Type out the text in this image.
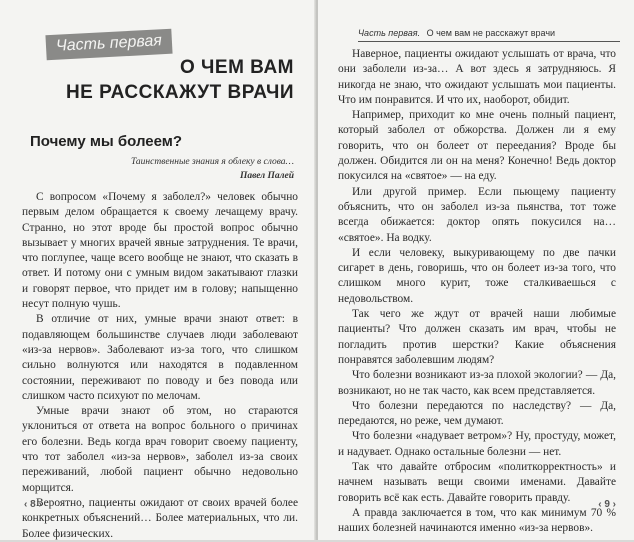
Часть первая
О ЧЕМ ВАМ
НЕ РАССКАЖУТ ВРАЧИ
Почему мы болеем?
Таинственные знания я облеку в слова…
Павел Палей

С вопросом «Почему я заболел?» человек обычно первым делом обращается к своему лечащему врачу. Странно, но этот вроде бы простой вопрос обычно вызывает у многих врачей явные затруднения. Те врачи, что поглупее, чаще всего вообще не знают, что сказать в ответ. И потому они с умным видом закатывают глазки и говорят первое, что придет им в голову; напыщенно несут полную чушь.

В отличие от них, умные врачи знают ответ: в подавляющем большинстве случаев люди заболевают «из-за нервов». Заболевают из-за того, что слишком сильно волнуются или находятся в подавленном состоянии, переживают по поводу и без повода или слишком часто психуют по мелочам.

Умные врачи знают об этом, но стараются уклониться от ответа на вопрос больного о причинах его болезни. Ведь когда врач говорит своему пациенту, что тот заболел «из-за нервов», заболел из-за своих переживаний, любой пациент обычно недовольно морщится.

Вероятно, пациенты ожидают от своих врачей более конкретных объяснений… Более материальных, что ли. Более физических.

‹ 8 ›
Часть первая. О чем вам не расскажут врачи

Наверное, пациенты ожидают услышать от врача, что они заболели из-за… А вот здесь я затрудняюсь. Я никогда не знаю, что ожидают услышать мои пациенты. Что им понравится. И что их, наоборот, обидит.

Например, приходит ко мне очень полный пациент, который заболел от обжорства. Должен ли я ему говорить, что он болеет от переедания? Вроде бы должен. Обидится ли он на меня? Конечно! Ведь доктор покусился на «святое» — на еду.

Или другой пример. Если пьющему пациенту объяснить, что он заболел из-за пьянства, тот тоже всегда обижается: доктор опять покусился на… «святое». На водку.

И если человеку, выкуривающему по две пачки сигарет в день, говоришь, что он болеет из-за того, что слишком много курит, тоже сталкиваешься с недовольством.

Так чего же ждут от врачей наши любимые пациенты? Что должен сказать им врач, чтобы не погладить против шерстки? Какие объяснения понравятся заболевшим людям?

Что болезни возникают из-за плохой экологии? — Да, возникают, но не так часто, как всем представляется.

Что болезни передаются по наследству? — Да, передаются, но реже, чем думают.

Что болезни «надувает ветром»? Ну, простуду, может, и надувает. Однако остальные болезни — нет.

Так что давайте отбросим «политкорректность» и начнем называть вещи своими именами. Давайте говорить всё как есть. Давайте говорить правду.

А правда заключается в том, что как минимум 70 % наших болезней начинаются именно «из-за нервов».

‹ 9 ›
